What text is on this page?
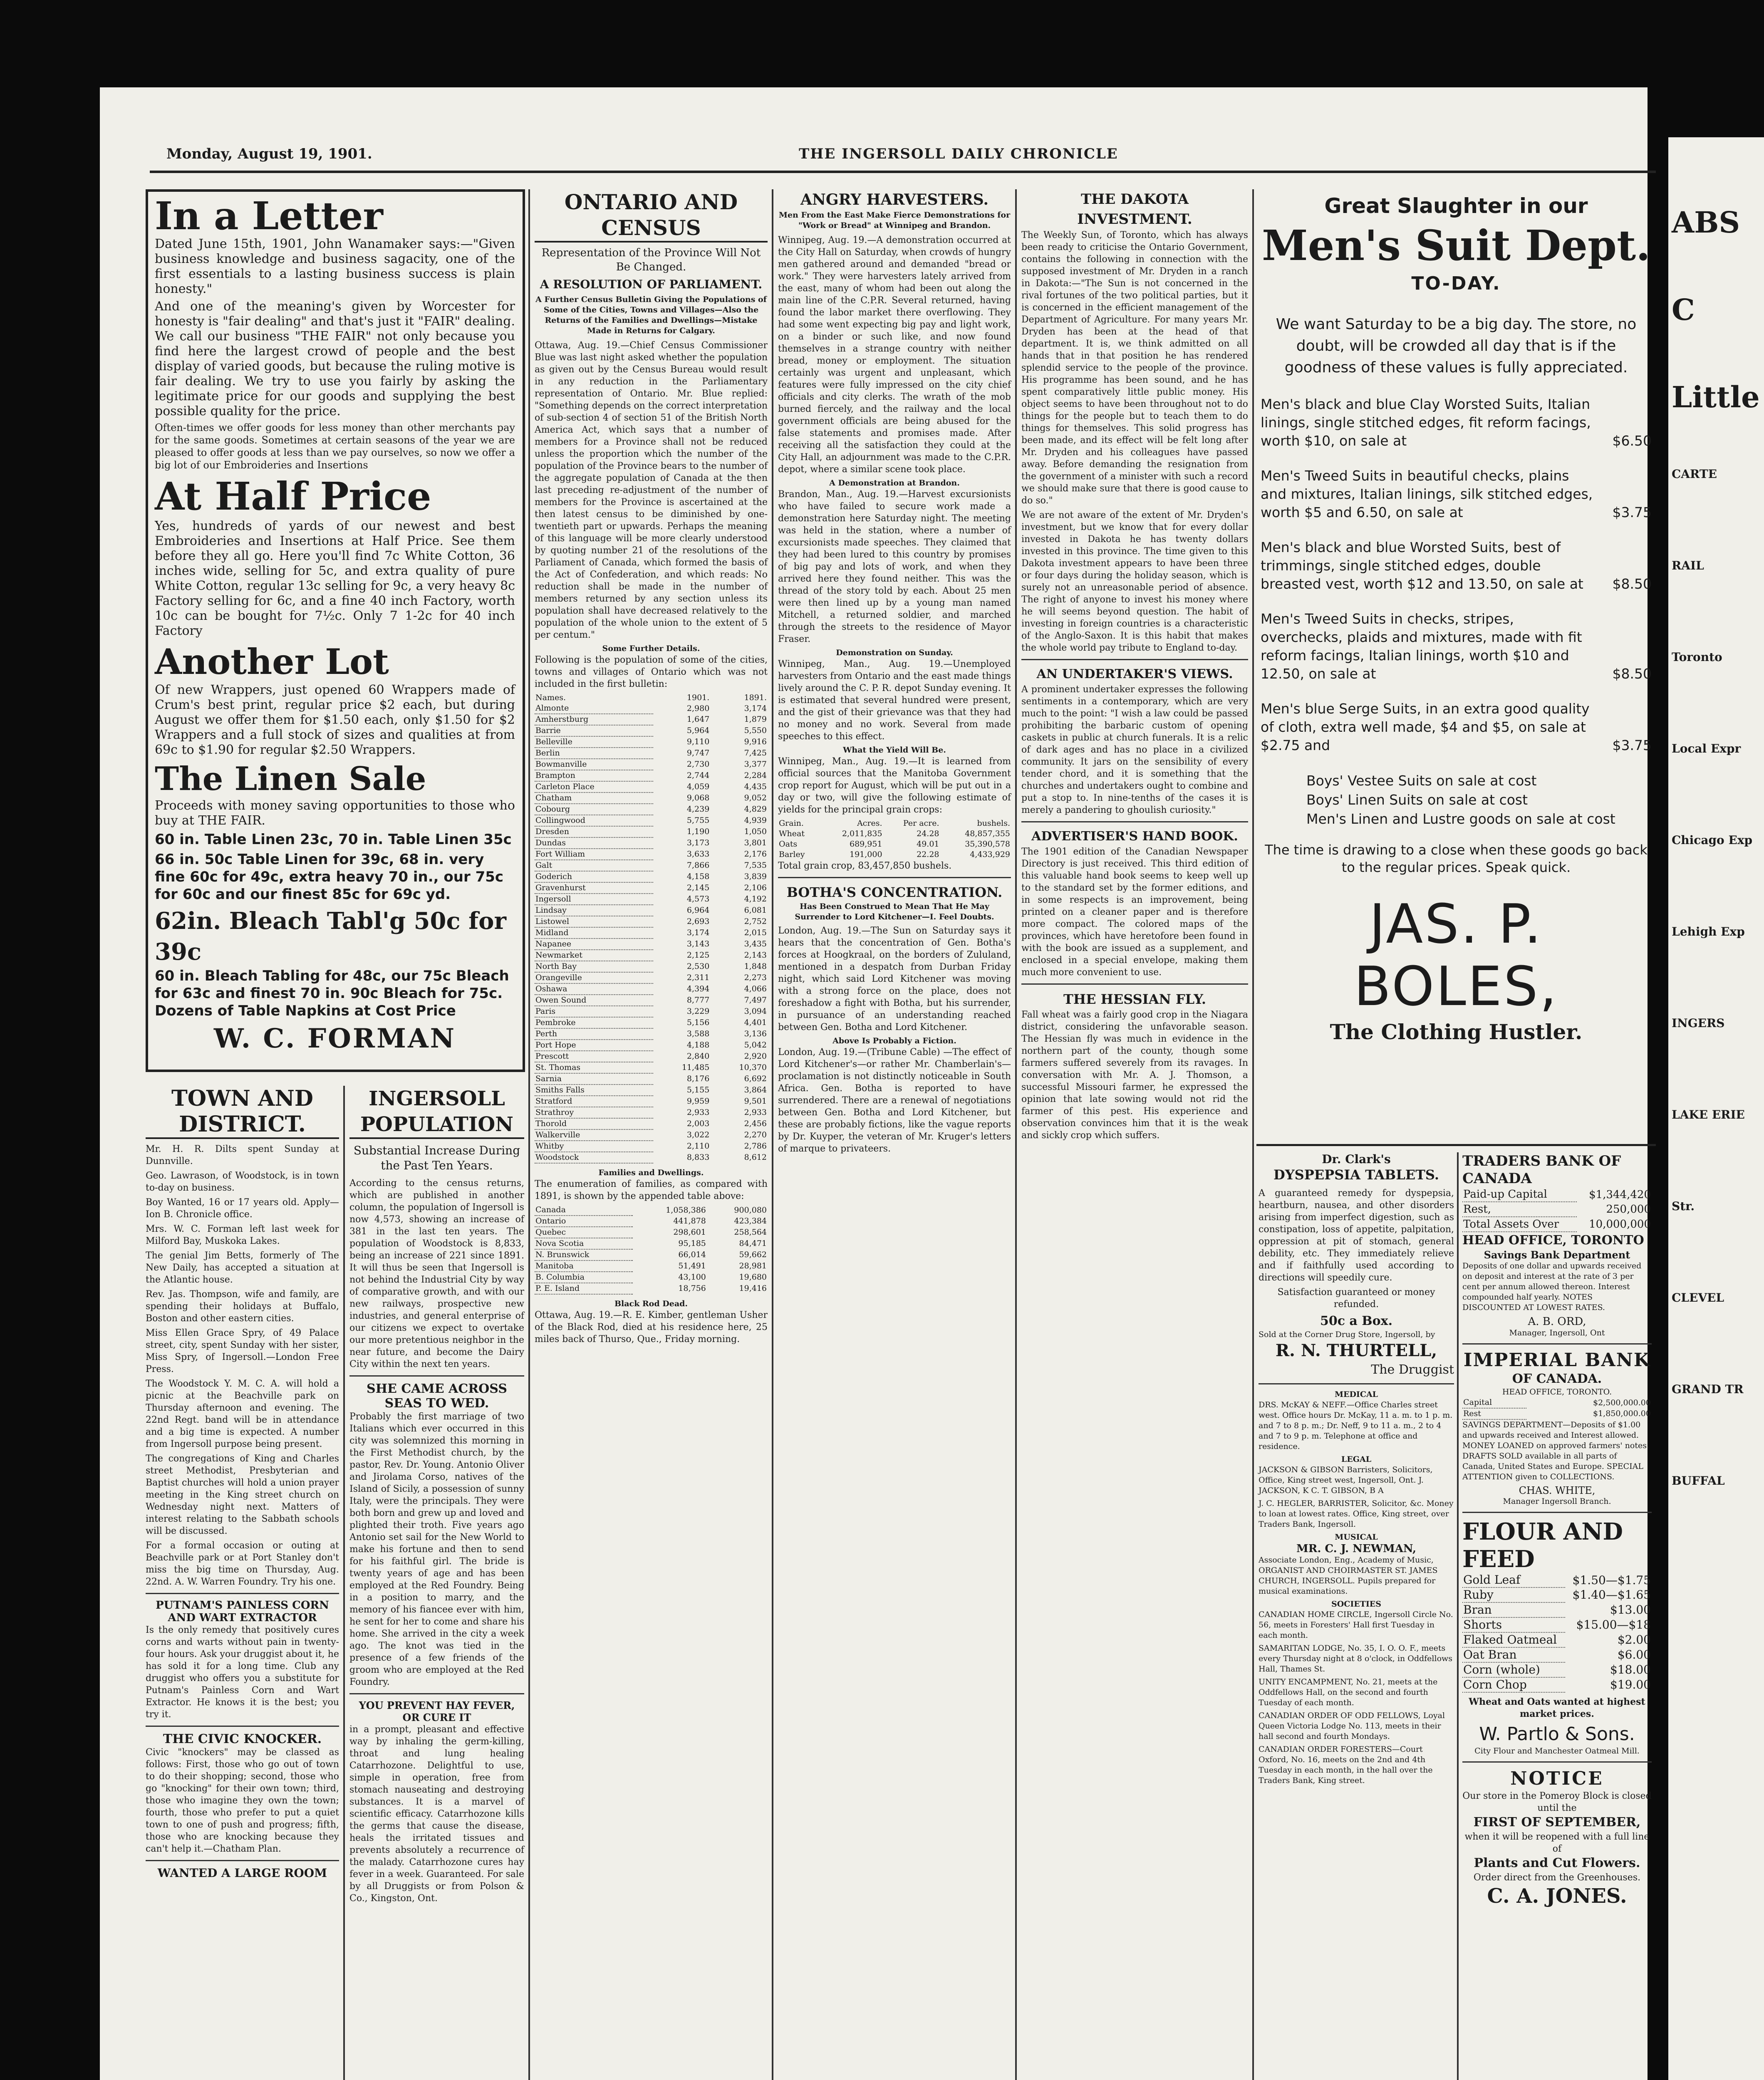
Monday, August 19, 1901.	THE INGERSOLL DAILY CHRONICLE
In a Letter

Dated June 15th, 1901, John Wanamaker says:—"Given business knowledge and business sagacity, one of the first essentials to a lasting business success is plain honesty."

And one of the meaning's given by Worcester for honesty is "fair dealing" and that's just it "FAIR" dealing. We call our business "THE FAIR" not only because you find here the largest crowd of people and the best display of varied goods, but because the ruling motive is fair dealing. We try to use you fairly by asking the legitimate price for our goods and supplying the best possible quality for the price.

Often-times we offer goods for less money than other merchants pay for the same goods. Sometimes at certain seasons of the year we are pleased to offer goods at less than we pay ourselves, so now we offer a big lot of our Embroideries and Insertions

At Half Price

Yes, hundreds of yards of our newest and best Embroideries and Insertions at Half Price. See them before they all go. Here you'll find 7c White Cotton, 36 inches wide, selling for 5c, and extra quality of pure White Cotton, regular 13c selling for 9c, a very heavy 8c Factory selling for 6c, and a fine 40 inch Factory, worth 10c can be bought for 7½c. Only 7 1-2c for 40 inch Factory

Another Lot

Of new Wrappers, just opened 60 Wrappers made of Crum's best print, regular price $2 each, but during August we offer them for $1.50 each, only $1.50 for $2 Wrappers and a full stock of sizes and qualities at from 69c to $1.90 for regular $2.50 Wrappers.

The Linen Sale

Proceeds with money saving opportunities to those who buy at THE FAIR.

60 in. Table Linen 23c, 70 in. Table Linen 35c

66 in. 50c Table Linen for 39c, 68 in. very fine 60c for 49c, extra heavy 70 in., our 75c for 60c and our finest 85c for 69c yd.

62in. Bleach Tabl'g 50c for 39c

60 in. Bleach Tabling for 48c, our 75c Bleach for 63c and finest 70 in. 90c Bleach for 75c. Dozens of Table Napkins at Cost Price

W. C. FORMAN
TOWN AND DISTRICT.

Mr. H. R. Dilts spent Sunday at Dunnville.

Geo. Lawrason, of Woodstock, is in town to-day on business.

Boy Wanted, 16 or 17 years old. Apply—Ion B. Chronicle office.

Mrs. W. C. Forman left last week for Milford Bay, Muskoka Lakes.

The genial Jim Betts, formerly of The New Daily, has accepted a situation at the Atlantic house.

Rev. Jas. Thompson, wife and family, are spending their holidays at Buffalo, Boston and other eastern cities.

Miss Ellen Grace Spry, of 49 Palace street, city, spent Sunday with her sister, Miss Spry, of Ingersoll.—London Free Press.

The Woodstock Y. M. C. A. will hold a picnic at the Beachville park on Thursday afternoon and evening. The 22nd Regt. band will be in attendance and a big time is expected. A number from Ingersoll purpose being present.

The congregations of King and Charles street Methodist, Presbyterian and Baptist churches will hold a union prayer meeting in the King street church on Wednesday night next. Matters of interest relating to the Sabbath schools will be discussed.

For a formal occasion or outing at Beachville park or at Port Stanley don't miss the big time on Thursday, Aug. 22nd. A. W. Warren Foundry. Try his one.

PUTNAM'S PAINLESS CORN AND WART EXTRACTOR

Is the only remedy that positively cures corns and warts without pain in twenty-four hours. Ask your druggist about it, he has sold it for a long time. Club any druggist who offers you a substitute for Putnam's Painless Corn and Wart Extractor. He knows it is the best; you try it.

THE CIVIC KNOCKER.

Civic "knockers" may be classed as follows: First, those who go out of town to do their shopping; second, those who go "knocking" for their own town; third, those who imagine they own the town; fourth, those who prefer to put a quiet town to one of push and progress; fifth, those who are knocking because they can't help it.—Chatham Plan.

WANTED A LARGE ROOM
INGERSOLL POPULATION
Substantial Increase During the Past Ten Years.

According to the census returns, which are published in another column, the population of Ingersoll is now 4,573, showing an increase of 381 in the last ten years. The population of Woodstock is 8,833, being an increase of 221 since 1891. It will thus be seen that Ingersoll is not behind the Industrial City by way of comparative growth, and with our new railways, prospective new industries, and general enterprise of our citizens we expect to overtake our more pretentious neighbor in the near future, and become the Dairy City within the next ten years.

SHE CAME ACROSS SEAS TO WED.

Probably the first marriage of two Italians which ever occurred in this city was solemnized this morning in the First Methodist church, by the pastor, Rev. Dr. Young. Antonio Oliver and Jirolama Corso, natives of the Island of Sicily, a possession of sunny Italy, were the principals. They were both born and grew up and loved and plighted their troth. Five years ago Antonio set sail for the New World to make his fortune and then to send for his faithful girl. The bride is twenty years of age and has been employed at the Red Foundry. Being in a position to marry, and the memory of his fiancee ever with him, he sent for her to come and share his home. She arrived in the city a week ago. The knot was tied in the presence of a few friends of the groom who are employed at the Red Foundry.

YOU PREVENT HAY FEVER, OR CURE IT

in a prompt, pleasant and effective way by inhaling the germ-killing, throat and lung healing Catarrhozone. Delightful to use, simple in operation, free from stomach nauseating and destroying substances. It is a marvel of scientific efficacy. Catarrhozone kills the germs that cause the disease, heals the irritated tissues and prevents absolutely a recurrence of the malady. Catarrhozone cures hay fever in a week. Guaranteed. For sale by all Druggists or from Polson & Co., Kingston, Ont.

ONTARIO AND CENSUS
Representation of the Province Will Not Be Changed.
A RESOLUTION OF PARLIAMENT.
A Further Census Bulletin Giving the Populations of Some of the Cities, Towns and Villages—Also the Returns of the Families and Dwellings—Mistake Made in Returns for Calgary.

Ottawa, Aug. 19.—Chief Census Commissioner Blue was last night asked whether the population as given out by the Census Bureau would result in any reduction in the Parliamentary representation of Ontario. Mr. Blue replied: "Something depends on the correct interpretation of sub-section 4 of section 51 of the British North America Act, which says that a number of members for a Province shall not be reduced unless the proportion which the number of the population of the Province bears to the number of the aggregate population of Canada at the then last preceding re-adjustment of the number of members for the Province is ascertained at the then latest census to be diminished by one-twentieth part or upwards. Perhaps the meaning of this language will be more clearly understood by quoting number 21 of the resolutions of the Parliament of Canada, which formed the basis of the Act of Confederation, and which reads: No reduction shall be made in the number of members returned by any section unless its population shall have decreased relatively to the population of the whole union to the extent of 5 per centum."

Some Further Details.

Following is the population of some of the cities, towns and villages of Ontario which was not included in the first bulletin:

Names.	1901.	1891.
Almonte	2,980	3,174
Amherstburg	1,647	1,879
Barrie	5,964	5,550
Belleville	9,110	9,916
Berlin	9,747	7,425
Bowmanville	2,730	3,377
Brampton	2,744	2,284
Carleton Place	4,059	4,435
Chatham	9,068	9,052
Cobourg	4,239	4,829
Collingwood	5,755	4,939
Dresden	1,190	1,050
Dundas	3,173	3,801
Fort William	3,633	2,176
Galt	7,866	7,535
Goderich	4,158	3,839
Gravenhurst	2,145	2,106
Ingersoll	4,573	4,192
Lindsay	6,964	6,081
Listowel	2,693	2,752
Midland	3,174	2,015
Napanee	3,143	3,435
Newmarket	2,125	2,143
North Bay	2,530	1,848
Orangeville	2,311	2,273
Oshawa	4,394	4,066
Owen Sound	8,777	7,497
Paris	3,229	3,094
Pembroke	5,156	4,401
Perth	3,588	3,136
Port Hope	4,188	5,042
Prescott	2,840	2,920
St. Thomas	11,485	10,370
Sarnia	8,176	6,692
Smiths Falls	5,155	3,864
Stratford	9,959	9,501
Strathroy	2,933	2,933
Thorold	2,003	2,456
Walkerville	3,022	2,270
Whitby	2,110	2,786
Woodstock	8,833	8,612
Families and Dwellings.

The enumeration of families, as compared with 1891, is shown by the appended table above:

Canada	1,058,386	900,080
Ontario	441,878	423,384
Quebec	298,601	258,564
Nova Scotia	95,185	84,471
N. Brunswick	66,014	59,662
Manitoba	51,491	28,981
B. Columbia	43,100	19,680
P. E. Island	18,756	19,416
Black Rod Dead.

Ottawa, Aug. 19.—R. E. Kimber, gentleman Usher of the Black Rod, died at his residence here, 25 miles back of Thurso, Que., Friday morning.

ANGRY HARVESTERS.
Men From the East Make Fierce Demonstrations for "Work or Bread" at Winnipeg and Brandon.

Winnipeg, Aug. 19.—A demonstration occurred at the City Hall on Saturday, when crowds of hungry men gathered around and demanded "bread or work." They were harvesters lately arrived from the east, many of whom had been out along the main line of the C.P.R. Several returned, having found the labor market there overflowing. They had some went expecting big pay and light work, on a binder or such like, and now found themselves in a strange country with neither bread, money or employment. The situation certainly was urgent and unpleasant, which features were fully impressed on the city chief officials and city clerks. The wrath of the mob burned fiercely, and the railway and the local government officials are being abused for the false statements and promises made. After receiving all the satisfaction they could at the City Hall, an adjournment was made to the C.P.R. depot, where a similar scene took place.

A Demonstration at Brandon.

Brandon, Man., Aug. 19.—Harvest excursionists who have failed to secure work made a demonstration here Saturday night. The meeting was held in the station, where a number of excursionists made speeches. They claimed that they had been lured to this country by promises of big pay and lots of work, and when they arrived here they found neither. This was the thread of the story told by each. About 25 men were then lined up by a young man named Mitchell, a returned soldier, and marched through the streets to the residence of Mayor Fraser.

Demonstration on Sunday.

Winnipeg, Man., Aug. 19.—Unemployed harvesters from Ontario and the east made things lively around the C. P. R. depot Sunday evening. It is estimated that several hundred were present, and the gist of their grievance was that they had no money and no work. Several from made speeches to this effect.

What the Yield Will Be.

Winnipeg, Man., Aug. 19.—It is learned from official sources that the Manitoba Government crop report for August, which will be put out in a day or two, will give the following estimate of yields for the principal grain crops:

Grain.	Acres.	Per acre.	bushels.
Wheat	2,011,835	24.28	48,857,355
Oats	689,951	49.01	35,390,578
Barley	191,000	22.28	4,433,929

Total grain crop, 83,457,850 bushels.

BOTHA'S CONCENTRATION.
Has Been Construed to Mean That He May Surrender to Lord Kitchener—I. Feel Doubts.

London, Aug. 19.—The Sun on Saturday says it hears that the concentration of Gen. Botha's forces at Hoogkraal, on the borders of Zululand, mentioned in a despatch from Durban Friday night, which said Lord Kitchener was moving with a strong force on the place, does not foreshadow a fight with Botha, but his surrender, in pursuance of an understanding reached between Gen. Botha and Lord Kitchener.

Above Is Probably a Fiction.

London, Aug. 19.—(Tribune Cable) —The effect of Lord Kitchener's—or rather Mr. Chamberlain's—proclamation is not distinctly noticeable in South Africa. Gen. Botha is reported to have surrendered. There are a renewal of negotiations between Gen. Botha and Lord Kitchener, but these are probably fictions, like the vague reports by Dr. Kuyper, the veteran of Mr. Kruger's letters of marque to privateers.

THE DAKOTA INVESTMENT.

The Weekly Sun, of Toronto, which has always been ready to criticise the Ontario Government, contains the following in connection with the supposed investment of Mr. Dryden in a ranch in Dakota:—"The Sun is not concerned in the rival fortunes of the two political parties, but it is concerned in the efficient management of the Department of Agriculture. For many years Mr. Dryden has been at the head of that department. It is, we think admitted on all hands that in that position he has rendered splendid service to the people of the province. His programme has been sound, and he has spent comparatively little public money. His object seems to have been throughout not to do things for the people but to teach them to do things for themselves. This solid progress has been made, and its effect will be felt long after Mr. Dryden and his colleagues have passed away. Before demanding the resignation from the government of a minister with such a record we should make sure that there is good cause to do so."

We are not aware of the extent of Mr. Dryden's investment, but we know that for every dollar invested in Dakota he has twenty dollars invested in this province. The time given to this Dakota investment appears to have been three or four days during the holiday season, which is surely not an unreasonable period of absence. The right of anyone to invest his money where he will seems beyond question. The habit of investing in foreign countries is a characteristic of the Anglo-Saxon. It is this habit that makes the whole world pay tribute to England to-day.

AN UNDERTAKER'S VIEWS.

A prominent undertaker expresses the following sentiments in a contemporary, which are very much to the point: "I wish a law could be passed prohibiting the barbaric custom of opening caskets in public at church funerals. It is a relic of dark ages and has no place in a civilized community. It jars on the sensibility of every tender chord, and it is something that the churches and undertakers ought to combine and put a stop to. In nine-tenths of the cases it is merely a pandering to ghoulish curiosity."

ADVERTISER'S HAND BOOK.

The 1901 edition of the Canadian Newspaper Directory is just received. This third edition of this valuable hand book seems to keep well up to the standard set by the former editions, and in some respects is an improvement, being printed on a cleaner paper and is therefore more compact. The colored maps of the provinces, which have heretofore been found in with the book are issued as a supplement, and enclosed in a special envelope, making them much more convenient to use.

THE HESSIAN FLY.

Fall wheat was a fairly good crop in the Niagara district, considering the unfavorable season. The Hessian fly was much in evidence in the northern part of the county, though some farmers suffered severely from its ravages. In conversation with Mr. A. J. Thomson, a successful Missouri farmer, he expressed the opinion that late sowing would not rid the farmer of this pest. His experience and observation convinces him that it is the weak and sickly crop which suffers.

Great Slaughter in our
Men's Suit Dept.
TO-DAY.
We want Saturday to be a big day. The store, no doubt, will be crowded all day that is if the goodness of these values is fully appreciated.
Men's black and blue Clay Worsted Suits, Italian linings, single stitched edges, fit reform facings, worth $10, on sale at	$6.50
Men's Tweed Suits in beautiful checks, plains and mixtures, Italian linings, silk stitched edges, worth $5 and 6.50, on sale at	$3.75
Men's black and blue Worsted Suits, best of trimmings, single stitched edges, double breasted vest, worth $12 and 13.50, on sale at $8.50
Men's Tweed Suits in checks, stripes, overchecks, plaids and mixtures, made with fit reform facings, Italian linings, worth $10 and 12.50, on sale at	$8.50
Men's blue Serge Suits, in an extra good quality of cloth, extra well made, $4 and $5, on sale at $2.75 and	$3.75
Boys' Vestee Suits on sale at cost
Boys' Linen Suits on sale at cost
Men's Linen and Lustre goods on sale at cost
The time is drawing to a close when these goods go back to the regular prices. Speak quick.
JAS. P. BOLES,
The Clothing Hustler.
Dr. Clark's
DYSPEPSIA TABLETS.

A guaranteed remedy for dyspepsia, heartburn, nausea, and other disorders arising from imperfect digestion, such as constipation, loss of appetite, palpitation, oppression at pit of stomach, general debility, etc. They immediately relieve and if faithfully used according to directions will speedily cure.

Satisfaction guaranteed or money refunded.

50c a Box.
Sold at the Corner Drug Store, Ingersoll, by
R. N. THURTELL,
The Druggist
MEDICAL

DRS. McKAY & NEFF.—Office Charles street west. Office hours Dr. McKay, 11 a. m. to 1 p. m. and 7 to 8 p. m.; Dr. Neff, 9 to 11 a. m., 2 to 4 and 7 to 9 p. m. Telephone at office and residence.

LEGAL

JACKSON & GIBSON Barristers, Solicitors, Office, King street west, Ingersoll, Ont. J. JACKSON, K C. T. GIBSON, B A

J. C. HEGLER, BARRISTER, Solicitor, &c. Money to loan at lowest rates. Office, King street, over Traders Bank, Ingersoll.

MUSICAL
MR. C. J. NEWMAN,

Associate London, Eng., Academy of Music, ORGANIST AND CHOIRMASTER ST. JAMES CHURCH, INGERSOLL. Pupils prepared for musical examinations.

SOCIETIES

CANADIAN HOME CIRCLE, Ingersoll Circle No. 56, meets in Foresters' Hall first Tuesday in each month.

SAMARITAN LODGE, No. 35, I. O. O. F., meets every Thursday night at 8 o'clock, in Oddfellows Hall, Thames St.

UNITY ENCAMPMENT, No. 21, meets at the Oddfellows Hall, on the second and fourth Tuesday of each month.

CANADIAN ORDER OF ODD FELLOWS, Loyal Queen Victoria Lodge No. 113, meets in their hall second and fourth Mondays.

CANADIAN ORDER FORESTERS—Court Oxford, No. 16, meets on the 2nd and 4th Tuesday in each month, in the hall over the Traders Bank, King street.

TRADERS BANK OF CANADA
Paid-up Capital	$1,344,420
Rest,	250,000
Total Assets Over	10,000,000
HEAD OFFICE, TORONTO
Savings Bank Department

Deposits of one dollar and upwards received on deposit and interest at the rate of 3 per cent per annum allowed thereon. Interest compounded half yearly. NOTES DISCOUNTED AT LOWEST RATES.

A. B. ORD,
Manager, Ingersoll, Ont
IMPERIAL BANK
OF CANADA.
HEAD OFFICE, TORONTO.
Capital	$2,500,000.00
Rest	$1,850,000.00

SAVINGS DEPARTMENT—Deposits of $1.00 and upwards received and Interest allowed. MONEY LOANED on approved farmers' notes. DRAFTS SOLD available in all parts of Canada, United States and Europe. SPECIAL ATTENTION given to COLLECTIONS.

CHAS. WHITE,
Manager Ingersoll Branch.
FLOUR AND FEED
Gold Leaf	$1.50—$1.75
Ruby	$1.40—$1.65
Bran	$13.00
Shorts	$15.00—$18
Flaked Oatmeal	$2.00
Oat Bran	$6.00
Corn (whole)	$18.00
Corn Chop	$19.00

Wheat and Oats wanted at highest market prices.

W. Partlo & Sons.
City Flour and Manchester Oatmeal Mill.
NOTICE
Our store in the Pomeroy Block is closed until the
FIRST OF SEPTEMBER,
when it will be reopened with a full line of
Plants and Cut Flowers.
Order direct from the Greenhouses.
C. A. JONES.
ABS
C
Little
CARTE
RAIL
Toronto
Local Expr
Chicago Exp
Lehigh Exp
INGERS
LAKE ERIE
Str.
CLEVEL
GRAND TR
BUFFAL
